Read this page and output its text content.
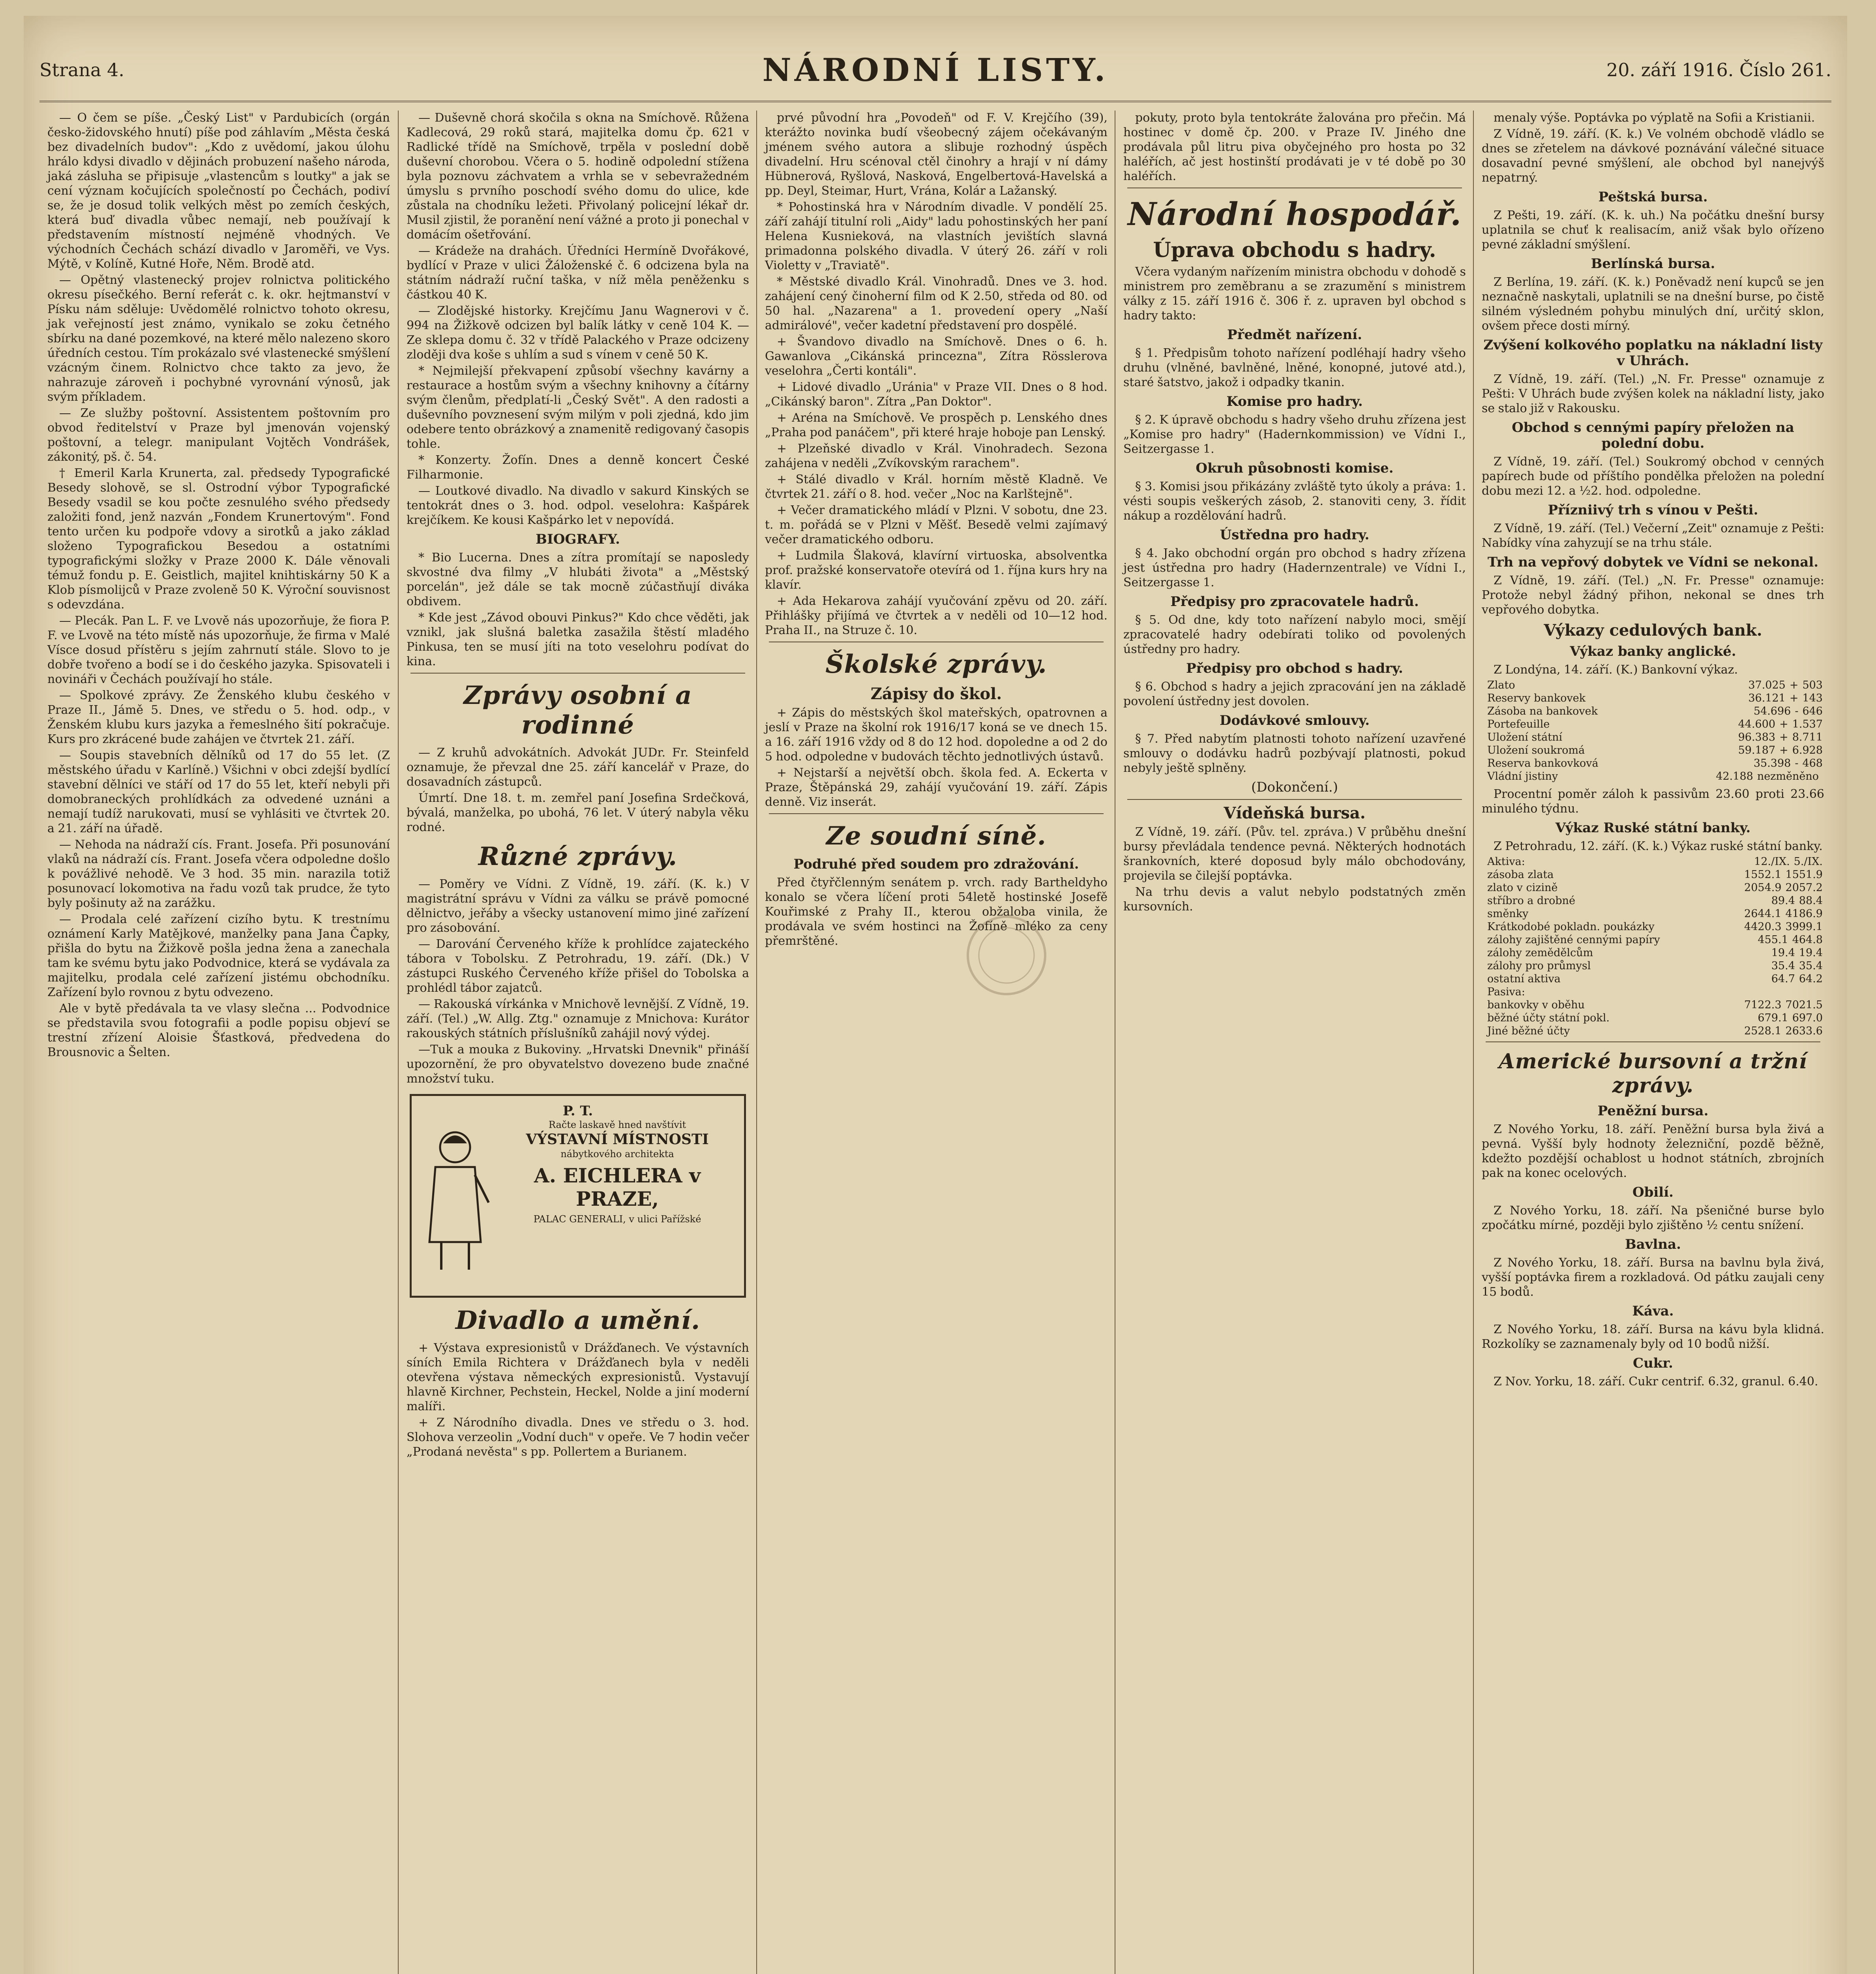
Strana 4.	NÁRODNÍ LISTY.	20. září 1916. Číslo 261.

— O čem se píše. „Český List" v Pardubicích (orgán česko-židovského hnutí) píše pod záhlavím „Města česká bez divadelních budov": „Kdo z uvědomí, jakou úlohu hrálo kdysi divadlo v dějinách probuzení našeho národa, jaká zásluha se připisuje „vlastencům s loutky" a jak se cení význam kočujících společností po Čechách, podiví se, že je dosud tolik velkých měst po zemích českých, která buď divadla vůbec nemají, neb používají k představením místností nejméně vhodných. Ve východních Čechách schází divadlo v Jaroměři, ve Vys. Mýtě, v Kolíně, Kutné Hoře, Něm. Brodě atd.

— Opětný vlastenecký projev rolnictva politického okresu písečkého. Berní referát c. k. okr. hejtmanství v Písku nám sděluje: Uvědomělé rolnictvo tohoto okresu, jak veřejností jest známo, vynikalo se zoku četného sbírku na dané pozemkové, na které mělo nalezeno skoro úředních cestou. Tím prokázalo své vlastenecké smýšlení vzácným činem. Rolnictvo chce takto za jevo, že nahrazuje zároveň i pochybné vyrovnání výnosů, jak svým příkladem.

— Ze služby poštovní. Assistentem poštovním pro obvod ředitelství v Praze byl jmenován vojenský poštovní, a telegr. manipulant Vojtěch Vondrášek, zákonitý, pš. č. 54.

† Emeril Karla Krunerta, zal. předsedy Typografické Besedy slohově, se sl. Ostrodní výbor Typografické Besedy vsadil se kou počte zesnulého svého předsedy založiti fond, jenž nazván „Fondem Krunertovým". Fond tento určen ku podpoře vdovy a sirotků a jako základ složeno Typografickou Besedou a ostatními typografickými složky v Praze 2000 K. Dále věnovali témuž fondu p. E. Geistlich, majitel knihtiskárny 50 K a Klob písmolijců v Praze zvoleně 50 K. Výroční souvisnost s odevzdána.

— Plecák. Pan L. F. ve Lvově nás upozorňuje, že fiora P. F. ve Lvově na této místě nás upozorňuje, že firma v Malé Vísce dosud přístěru s jejím zahrnutí stále. Slovo to je dobře tvořeno a bodí se i do českého jazyka. Spisovateli i novináři v Čechách používají ho stále.

— Spolkové zprávy. Ze Ženského klubu českého v Praze II., Jámě 5. Dnes, ve středu o 5. hod. odp., v Ženském klubu kurs jazyka a řemeslného šití pokračuje. Kurs pro zkrácené bude zahájen ve čtvrtek 21. září.

— Soupis stavebních dělníků od 17 do 55 let. (Z městského úřadu v Karlíně.) Všichni v obci zdejší bydlící stavební dělníci ve stáří od 17 do 55 let, kteří nebyli při domobraneckých prohlídkách za odvedené uznáni a nemají tudíž narukovati, musí se vyhlásiti ve čtvrtek 20. a 21. září na úřadě.

— Nehoda na nádraží cís. Frant. Josefa. Při posunování vlaků na nádraží cís. Frant. Josefa včera odpoledne došlo k povážlivé nehodě. Ve 3 hod. 35 min. narazila totiž posunovací lokomotiva na řadu vozů tak prudce, že tyto byly pošinuty až na zarážku.

— Prodala celé zařízení cizího bytu. K trestnímu oznámení Karly Matějkové, manželky pana Jana Čapky, přišla do bytu na Žižkově pošla jedna žena a zanechala tam ke svému bytu jako Podvodnice, která se vydávala za majitelku, prodala celé zařízení jistému obchodníku. Zařízení bylo rovnou z bytu odvezeno.

Ale v bytě předávala ta ve vlasy slečna ... Podvodnice se představila svou fotografii a podle popisu objeví se trestní zřízení Aloisie Šťastková, předvedena do Brousnovic a Šelten.

— Duševně chorá skočila s okna na Smíchově. Růžena Kadlecová, 29 roků stará, majitelka domu čp. 621 v Radlické třídě na Smíchově, trpěla v poslední době duševní chorobou. Včera o 5. hodině odpolední stížena byla poznovu záchvatem a vrhla se v sebevražedném úmyslu s prvního poschodí svého domu do ulice, kde zůstala na chodníku ležeti. Přivolaný policejní lékař dr. Musil zjistil, že poranění není vážné a proto ji ponechal v domácím ošetřování.

— Krádeže na drahách. Úředníci Hermíně Dvořákové, bydlící v Praze v ulici Žáloženské č. 6 odcizena byla na státním nádraží ruční taška, v níž měla peněženku s částkou 40 K.

— Zlodějské historky. Krejčímu Janu Wagnerovi v č. 994 na Žižkově odcizen byl balík látky v ceně 104 K. — Ze sklepa domu č. 32 v třídě Palackého v Praze odcizeny zloději dva koše s uhlím a sud s vínem v ceně 50 K.

* Nejmilejší překvapení způsobí všechny kavárny a restaurace a hostům svým a všechny knihovny a čítárny svým členům, předplatí-li „Český Svět". A den radosti a duševního povznesení svým milým v poli zjedná, kdo jim odebere tento obrázkový a znamenitě redigovaný časopis tohle.

* Konzerty. Žofín. Dnes a denně koncert České Filharmonie.

— Loutkové divadlo. Na divadlo v sakurd Kinských se tentokrát dnes o 3. hod. odpol. veselohra: Kašpárek krejčíkem. Ke kousi Kašpárko let v nepovídá.

BIOGRAFY.

* Bio Lucerna. Dnes a zítra promítají se naposledy skvostné dva filmy „V hlubáti života" a „Městský porcelán", jež dále se tak mocně zúčastňují diváka obdivem.

* Kde jest „Závod obouvi Pinkus?" Kdo chce věděti, jak vznikl, jak slušná baletka zasažila štěstí mladého Pinkusa, ten se musí jíti na toto veselohru podívat do kina.

Zprávy osobní a rodinné

— Z kruhů advokátních. Advokát JUDr. Fr. Steinfeld oznamuje, že převzal dne 25. září kancelář v Praze, do dosavadních zástupců.

Úmrtí. Dne 18. t. m. zemřel paní Josefina Srdečková, bývalá, manželka, po ubohá, 76 let. V úterý nabyla věku rodné.

Různé zprávy.

— Poměry ve Vídni. Z Vídně, 19. září. (K. k.) V magistrátní správu v Vídni za válku se právě pomocné dělnictvo, jeřáby a všecky ustanovení mimo jiné zařízení pro zásobování.

— Darování Červeného kříže k prohlídce zajateckého tábora v Tobolsku. Z Petrohradu, 19. září. (Dk.) V zástupci Ruského Červeného kříže přišel do Tobolska a prohlédl tábor zajatců.

— Rakouská vírkánka v Mnichově levnější. Z Vídně, 19. září. (Tel.) „W. Allg. Ztg." oznamuje z Mnichova: Kurátor rakouských státních příslušníků zahájil nový výdej.

—Tuk a mouka z Bukoviny. „Hrvatski Dnevnik" přináší upozornění, že pro obyvatelstvo dovezeno bude značné množství tuku.

P. T.
Račte laskavě hned navštívit
VÝSTAVNÍ MÍSTNOSTI
nábytkového architekta
A. EICHLERA v PRAZE,
PALAC GENERALI, v ulici Pařížské
Divadlo a umění.

+ Výstava expresionistů v Drážďanech. Ve výstavních síních Emila Richtera v Drážďanech byla v neděli otevřena výstava německých expresionistů. Vystavují hlavně Kirchner, Pechstein, Heckel, Nolde a jiní moderní malíři.

+ Z Národního divadla. Dnes ve středu o 3. hod. Slohova verzeolin „Vodní duch" v opeře. Ve 7 hodin večer „Prodaná nevěsta" s pp. Pollertem a Burianem.

prvé původní hra „Povodeň" od F. V. Krejčího (39), kterážto novinka budí všeobecný zájem očekávaným jménem svého autora a slibuje rozhodný úspěch divadelní. Hru scénoval ctěl činohry a hrají v ní dámy Hübnerová, Ryšlová, Nasková, Engelbertová-Havelská a pp. Deyl, Steimar, Hurt, Vrána, Kolár a Lažanský.

* Pohostinská hra v Národním divadle. V pondělí 25. září zahájí titulní roli „Aidy" ladu pohostinských her paní Helena Kusnieková, na vlastních jevištích slavná primadonna polského divadla. V úterý 26. září v roli Violetty v „Traviatě".

* Městské divadlo Král. Vinohradů. Dnes ve 3. hod. zahájení cený činoherní film od K 2.50, středa od 80. od 50 hal. „Nazarena" a 1. provedení opery „Naší admirálové", večer kadetní představení pro dospělé.

+ Švandovo divadlo na Smíchově. Dnes o 6. h. Gawanlova „Cikánská princezna", Zítra Rösslerova veselohra „Čerti kontáli".

+ Lidové divadlo „Uránia" v Praze VII. Dnes o 8 hod. „Cikánský baron". Zítra „Pan Doktor".

+ Aréna na Smíchově. Ve prospěch p. Lenského dnes „Praha pod panáčem", při které hraje hoboje pan Lenský.

+ Plzeňské divadlo v Král. Vinohradech. Sezona zahájena v neděli „Zvíkovským rarachem".

+ Stálé divadlo v Král. horním městě Kladně. Ve čtvrtek 21. září o 8. hod. večer „Noc na Karlštejně".

+ Večer dramatického mládí v Plzni. V sobotu, dne 23. t. m. pořádá se v Plzni v Měšť. Besedě velmi zajímavý večer dramatického odboru.

+ Ludmila Šlaková, klavírní virtuoska, absolventka prof. pražské konservatoře otevírá od 1. října kurs hry na klavír.

+ Ada Hekarova zahájí vyučování zpěvu od 20. září. Přihlášky přijímá ve čtvrtek a v neděli od 10—12 hod. Praha II., na Struze č. 10.

Školské zprávy.
Zápisy do škol.

+ Zápis do městských škol mateřských, opatrovnen a jeslí v Praze na školní rok 1916/17 koná se ve dnech 15. a 16. září 1916 vždy od 8 do 12 hod. dopoledne a od 2 do 5 hod. odpoledne v budovách těchto jednotlivých ústavů.

+ Nejstarší a největší obch. škola fed. A. Eckerta v Praze, Štěpánská 29, zahájí vyučování 19. září. Zápis denně. Viz inserát.

Ze soudní síně.
Podruhé před soudem pro zdražování.

Před čtyřčlenným senátem p. vrch. rady Bartheldyho konalo se včera líčení proti 54letě hostinské Josefě Kouřimské z Prahy II., kterou obžaloba vinila, že prodávala ve svém hostinci na Žofíně mléko za ceny přemrštěné.

pokuty, proto byla tentokráte žalována pro přečin. Má hostinec v domě čp. 200. v Praze IV. Jiného dne prodávala půl litru piva obyčejného pro hosta po 32 haléřích, ač jest hostinští prodávati je v té době po 30 haléřích.

Národní hospodář.
Úprava obchodu s hadry.

Včera vydaným nařízením ministra obchodu v dohodě s ministrem pro zeměbranu a se zrazumění s ministrem války z 15. září 1916 č. 306 ř. z. upraven byl obchod s hadry takto:

Předmět nařízení.

§ 1. Předpisům tohoto nařízení podléhají hadry všeho druhu (vlněné, bavlněné, lněné, konopné, jutové atd.), staré šatstvo, jakož i odpadky tkanin.

Komise pro hadry.

§ 2. K úpravě obchodu s hadry všeho druhu zřízena jest „Komise pro hadry" (Hadernkommission) ve Vídni I., Seitzergasse 1.

Okruh působnosti komise.

§ 3. Komisi jsou přikázány zvláště tyto úkoly a práva: 1. vésti soupis veškerých zásob, 2. stanoviti ceny, 3. řídit nákup a rozdělování hadrů.

Ústředna pro hadry.

§ 4. Jako obchodní orgán pro obchod s hadry zřízena jest ústředna pro hadry (Hadernzentrale) ve Vídni I., Seitzergasse 1.

Předpisy pro zpracovatele hadrů.

§ 5. Od dne, kdy toto nařízení nabylo moci, smějí zpracovatelé hadry odebírati toliko od povolených ústředny pro hadry.

Předpisy pro obchod s hadry.

§ 6. Obchod s hadry a jejich zpracování jen na základě povolení ústředny jest dovolen.

Dodávkové smlouvy.

§ 7. Před nabytím platnosti tohoto nařízení uzavřené smlouvy o dodávku hadrů pozbývají platnosti, pokud nebyly ještě splněny.

(Dokončení.)
Vídeňská bursa.

Z Vídně, 19. září. (Pův. tel. zpráva.) V průběhu dnešní bursy převládala tendence pevná. Některých hodnotách šrankovních, které doposud byly málo obchodovány, projevila se čilejší poptávka.

Na trhu devis a valut nebylo podstatných změn kursovních.

menaly výše. Poptávka po výplatě na Sofii a Kristianii.

Z Vídně, 19. září. (K. k.) Ve volném obchodě vládlo se dnes se zřetelem na dávkové poznávání válečné situace dosavadní pevné smýšlení, ale obchod byl nanejvýš nepatrný.

Peštská bursa.

Z Pešti, 19. září. (K. k. uh.) Na počátku dnešní bursy uplatnila se chuť k realisacím, aniž však bylo ořízeno pevné základní smýšlení.

Berlínská bursa.

Z Berlína, 19. září. (K. k.) Poněvadž není kupců se jen neznačně naskytali, uplatnili se na dnešní burse, po čistě silném výsledném pohybu minulých dní, určitý sklon, ovšem přece dosti mírný.

Zvýšení kolkového poplatku na nákladní listy v Uhrách.

Z Vídně, 19. září. (Tel.) „N. Fr. Presse" oznamuje z Pešti: V Uhrách bude zvýšen kolek na nákladní listy, jako se stalo již v Rakousku.

Obchod s cennými papíry přeložen na polední dobu.

Z Vídně, 19. září. (Tel.) Soukromý obchod v cenných papírech bude od příštího pondělka přeložen na polední dobu mezi 12. a ½2. hod. odpoledne.

Přízniivý trh s vínou v Pešti.

Z Vídně, 19. září. (Tel.) Večerní „Zeit" oznamuje z Pešti: Nabídky vína zahyzují se na trhu stále.

Trh na vepřový dobytek ve Vídni se nekonal.

Z Vídně, 19. září. (Tel.) „N. Fr. Presse" oznamuje: Protože nebyl žádný přihon, nekonal se dnes trh vepřového dobytka.

Výkazy cedulových bank.
Výkaz banky anglické.

Z Londýna, 14. září. (K.) Bankovní výkaz.

Zlato	37.025 + 503
Reservy bankovek	36.121 + 143
Zásoba na bankovek	54.696 - 646
Portefeuille	44.600 + 1.537
Uložení státní	96.383 + 8.711
Uložení soukromá	59.187 + 6.928
Reserva bankovková	35.398 - 468
Vládní jistiny	42.188 nezměněno

Procentní poměr záloh k passivům 23.60 proti 23.66 minulého týdnu.

Výkaz Ruské státní banky.

Z Petrohradu, 12. září. (K. k.) Výkaz ruské státní banky.

Aktiva:	12./IX. 5./IX.
zásoba zlata	1552.1 1551.9
zlato v cizině	2054.9 2057.2
stříbro a drobné	89.4 88.4
směnky	2644.1 4186.9
Krátkodobé pokladn. poukázky	4420.3 3999.1
zálohy zajištěné cennými papíry	455.1 464.8
zálohy zemědělcům	19.4 19.4
zálohy pro průmysl	35.4 35.4
ostatní aktiva	64.7 64.2
Pasiva:
bankovky v oběhu	7122.3 7021.5
běžné účty státní pokl.	679.1 697.0
Jiné běžné účty	2528.1 2633.6
Americké bursovní a tržní zprávy.
Peněžní bursa.

Z Nového Yorku, 18. září. Peněžní bursa byla živá a pevná. Vyšší byly hodnoty železniční, pozdě běžně, kdežto pozdější ochablost u hodnot státních, zbrojních pak na konec ocelových.

Obilí.

Z Nového Yorku, 18. září. Na pšeničné burse bylo zpočátku mírné, později bylo zjištěno ½ centu snížení.

Bavlna.

Z Nového Yorku, 18. září. Bursa na bavlnu byla živá, vyšší poptávka firem a rozkladová. Od pátku zaujali ceny 15 bodů.

Káva.

Z Nového Yorku, 18. září. Bursa na kávu byla klidná. Rozkolíky se zaznamenaly byly od 10 bodů nižší.

Cukr.

Z Nov. Yorku, 18. září. Cukr centrif. 6.32, granul. 6.40.
